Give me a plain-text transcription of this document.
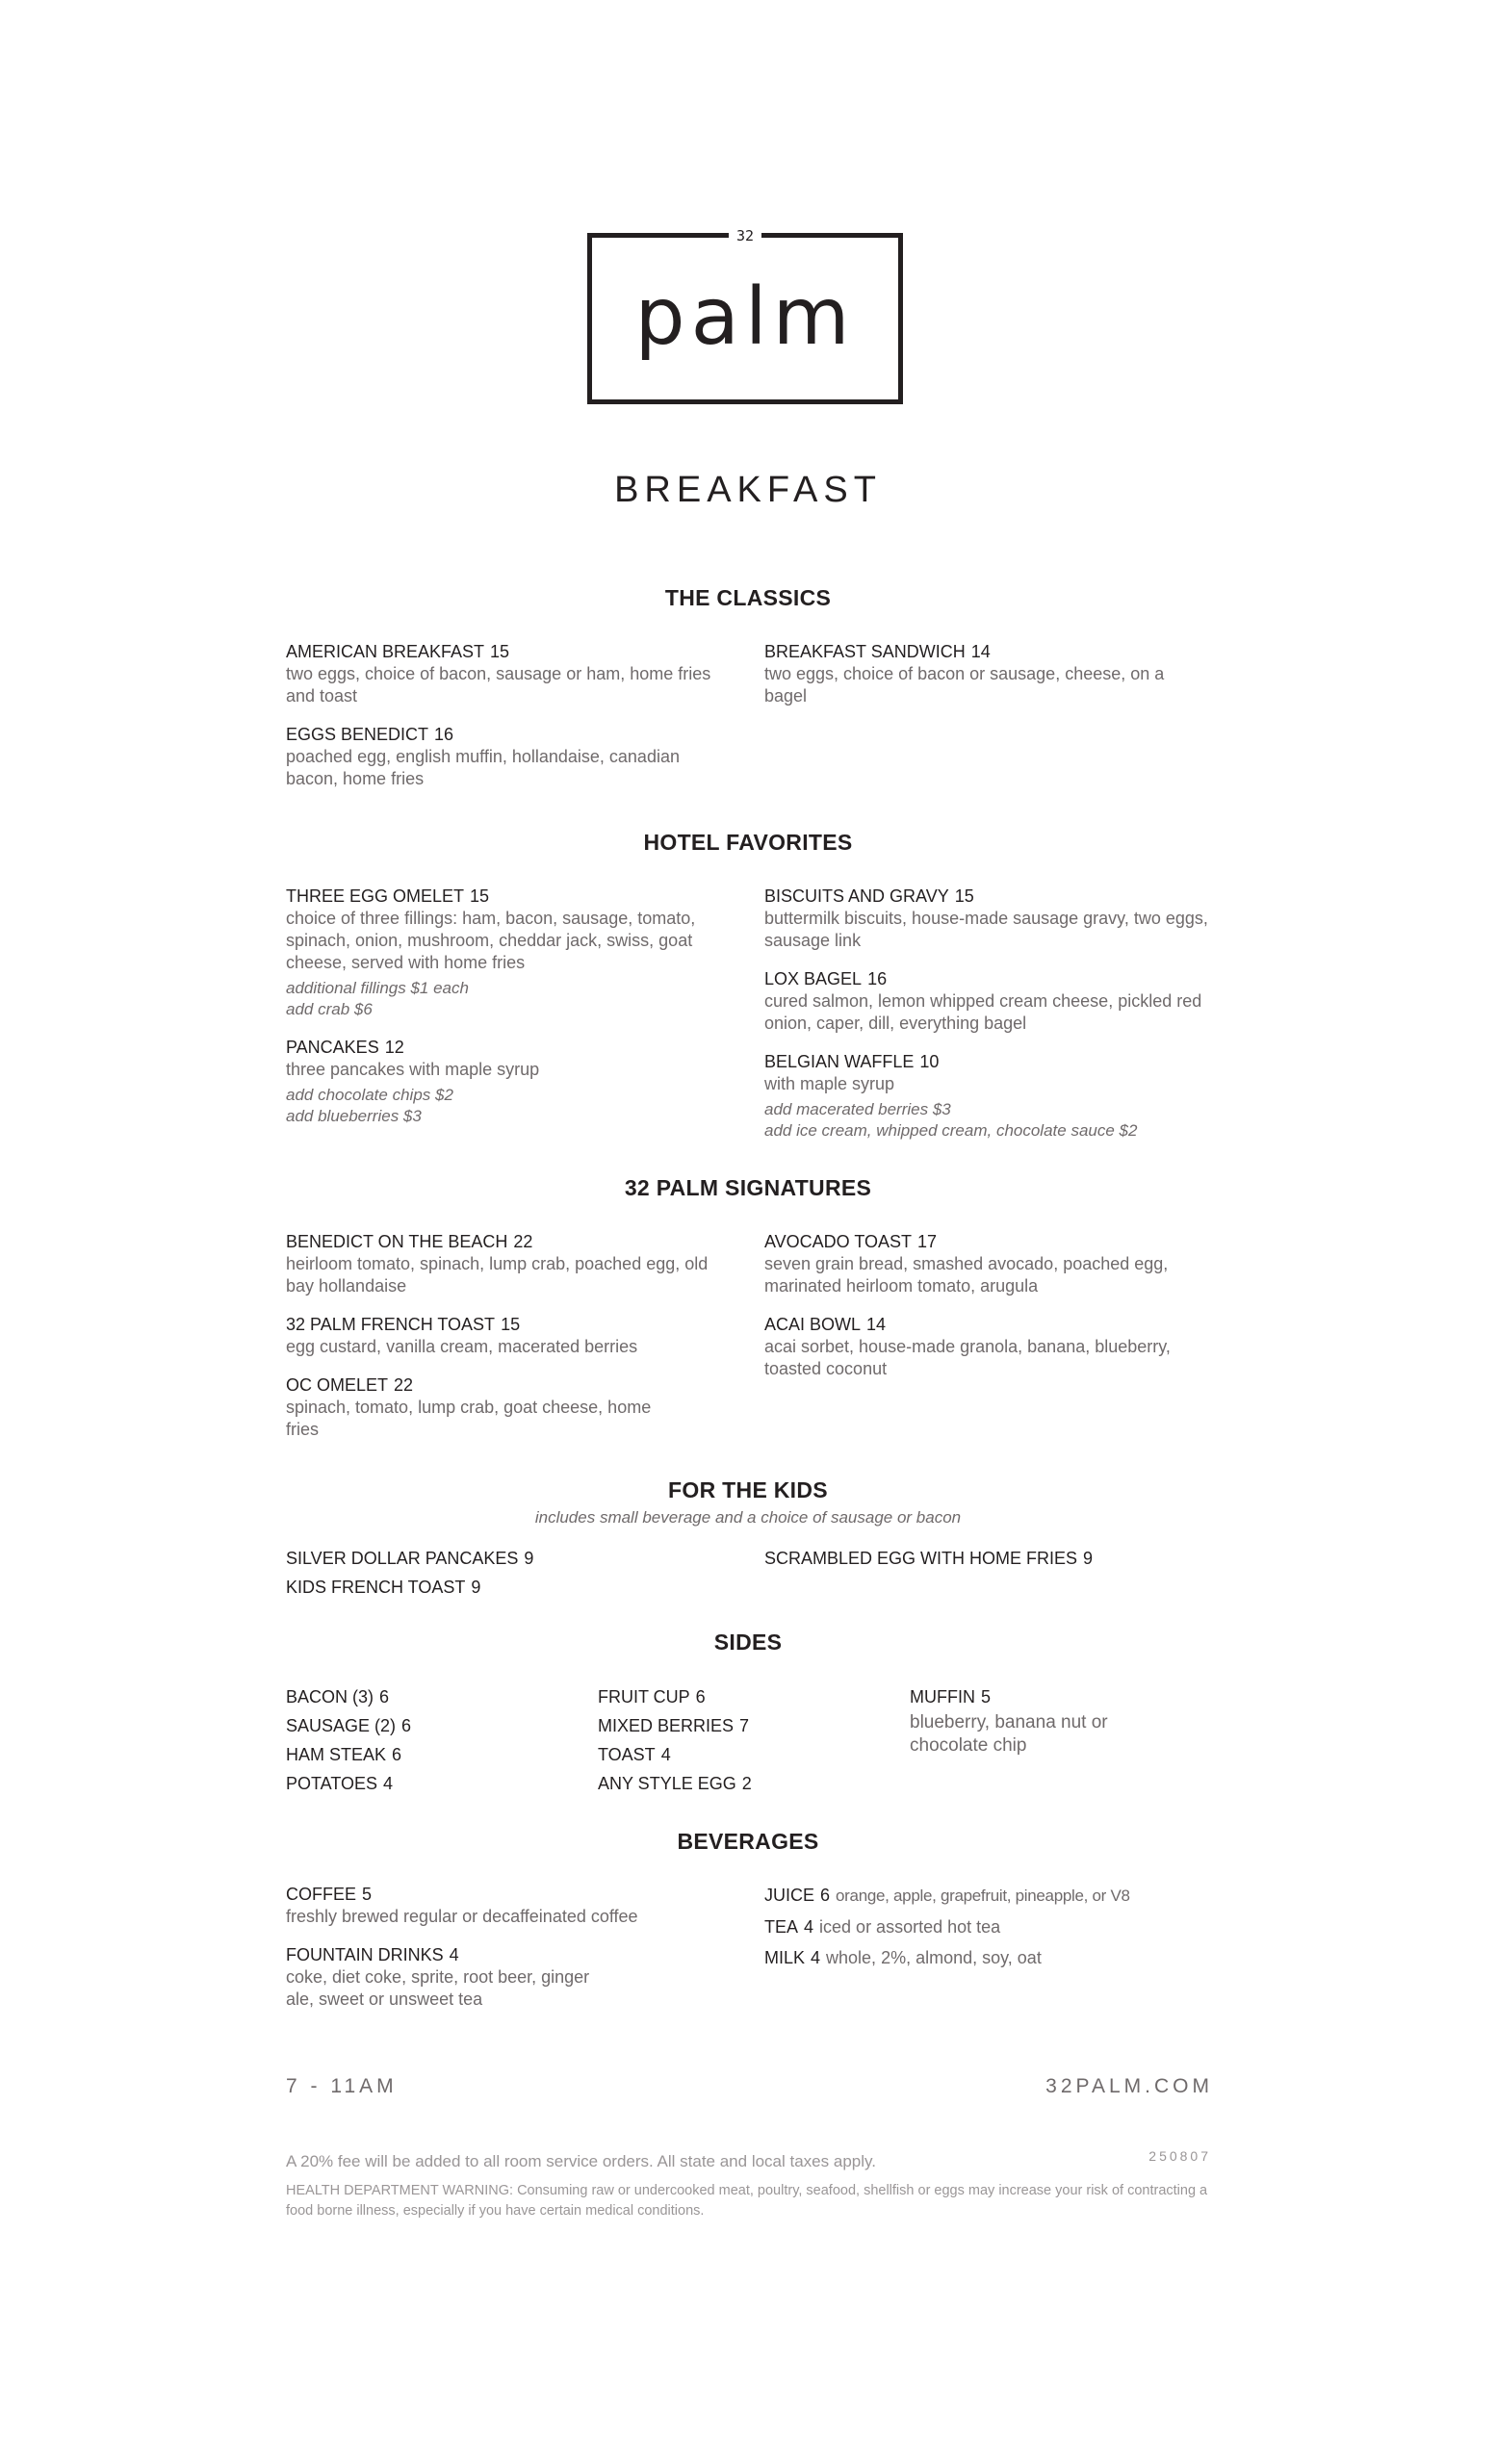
32
palm
BREAKFAST
THE CLASSICS
AMERICAN BREAKFAST 15
two eggs, choice of bacon, sausage or ham, home fries and toast
EGGS BENEDICT 16
poached egg, english muffin, hollandaise, canadian bacon, home fries
BREAKFAST SANDWICH 14
two eggs, choice of bacon or sausage, cheese, on a bagel
HOTEL FAVORITES
THREE EGG OMELET 15
choice of three fillings: ham, bacon, sausage, tomato, spinach, onion, mushroom, cheddar jack, swiss, goat cheese, served with home fries
additional fillings $1 each
add crab $6
PANCAKES 12
three pancakes with maple syrup
add chocolate chips $2
add blueberries $3
BISCUITS AND GRAVY 15
buttermilk biscuits, house-made sausage gravy, two eggs, sausage link
LOX BAGEL 16
cured salmon, lemon whipped cream cheese, pickled red onion, caper, dill, everything bagel
BELGIAN WAFFLE 10
with maple syrup
add macerated berries $3
add ice cream, whipped cream, chocolate sauce $2
32 PALM SIGNATURES
BENEDICT ON THE BEACH 22
heirloom tomato, spinach, lump crab, poached egg, old bay hollandaise
32 PALM FRENCH TOAST 15
egg custard, vanilla cream, macerated berries
OC OMELET 22
spinach, tomato, lump crab, goat cheese, home fries
AVOCADO TOAST 17
seven grain bread, smashed avocado, poached egg, marinated heirloom tomato, arugula
ACAI BOWL 14
acai sorbet, house-made granola, banana, blueberry, toasted coconut
FOR THE KIDS
includes small beverage and a choice of sausage or bacon
SILVER DOLLAR PANCAKES 9
KIDS FRENCH TOAST 9
SCRAMBLED EGG WITH HOME FRIES 9
SIDES
BACON (3) 6
SAUSAGE (2) 6
HAM STEAK 6
POTATOES 4
FRUIT CUP 6
MIXED BERRIES 7
TOAST 4
ANY STYLE EGG 2
MUFFIN 5
blueberry, banana nut or chocolate chip
BEVERAGES
COFFEE 5
freshly brewed regular or decaffeinated coffee
FOUNTAIN DRINKS 4
coke, diet coke, sprite, root beer, ginger ale, sweet or unsweet tea
JUICE 6 orange, apple, grapefruit, pineapple, or V8
TEA 4 iced or assorted hot tea
MILK 4 whole, 2%, almond, soy, oat
7 - 11AM	32PALM.COM
A 20% fee will be added to all room service orders. All state and local taxes apply.	250807
HEALTH DEPARTMENT WARNING: Consuming raw or undercooked meat, poultry, seafood, shellfish or eggs may increase your risk of contracting a food borne illness, especially if you have certain medical conditions.
